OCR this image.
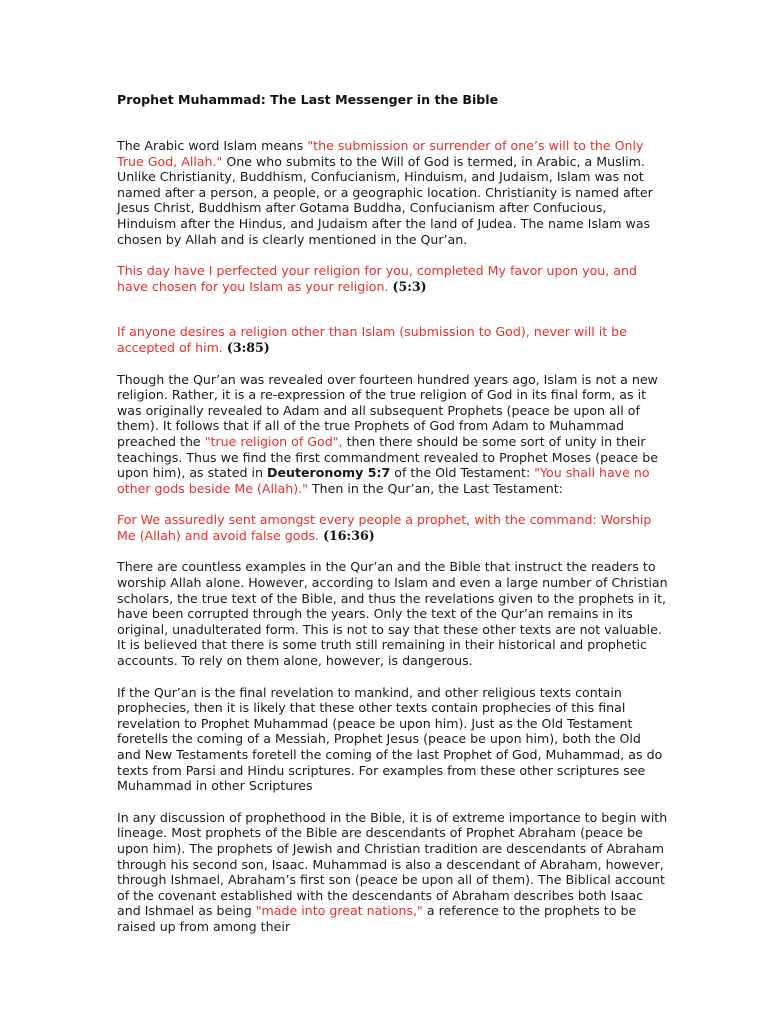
Prophet Muhammad: The Last Messenger in the Bible

The Arabic word Islam means "the submission or surrender of one’s will to the Only True God, Allah." One who submits to the Will of God is termed, in Arabic, a Muslim. Unlike Christianity, Buddhism, Confucianism, Hinduism, and Judaism, Islam was not named after a person, a people, or a geographic location. Christianity is named after Jesus Christ, Buddhism after Gotama Buddha, Confucianism after Confucious, Hinduism after the Hindus, and Judaism after the land of Judea. The name Islam was chosen by Allah and is clearly mentioned in the Qur’an.

This day have I perfected your religion for you, completed My favor upon you, and have chosen for you Islam as your religion. (5:3)

If anyone desires a religion other than Islam (submission to God), never will it be accepted of him. (3:85)

Though the Qur’an was revealed over fourteen hundred years ago, Islam is not a new religion. Rather, it is a re-expression of the true religion of God in its final form, as it was originally revealed to Adam and all subsequent Prophets (peace be upon all of them). It follows that if all of the true Prophets of God from Adam to Muhammad preached the "true religion of God", then there should be some sort of unity in their teachings. Thus we find the first commandment revealed to Prophet Moses (peace be upon him), as stated in Deuteronomy 5:7 of the Old Testament: "You shall have no other gods beside Me (Allah)." Then in the Qur’an, the Last Testament:

For We assuredly sent amongst every people a prophet, with the command: Worship Me (Allah) and avoid false gods. (16:36)

There are countless examples in the Qur’an and the Bible that instruct the readers to worship Allah alone. However, according to Islam and even a large number of Christian scholars, the true text of the Bible, and thus the revelations given to the prophets in it, have been corrupted through the years. Only the text of the Qur’an remains in its original, unadulterated form. This is not to say that these other texts are not valuable. It is believed that there is some truth still remaining in their historical and prophetic accounts. To rely on them alone, however, is dangerous.

If the Qur’an is the final revelation to mankind, and other religious texts contain prophecies, then it is likely that these other texts contain prophecies of this final revelation to Prophet Muhammad (peace be upon him). Just as the Old Testament foretells the coming of a Messiah, Prophet Jesus (peace be upon him), both the Old and New Testaments foretell the coming of the last Prophet of God, Muhammad, as do texts from Parsi and Hindu scriptures. For examples from these other scriptures see Muhammad in other Scriptures

In any discussion of prophethood in the Bible, it is of extreme importance to begin with lineage. Most prophets of the Bible are descendants of Prophet Abraham (peace be upon him). The prophets of Jewish and Christian tradition are descendants of Abraham through his second son, Isaac. Muhammad is also a descendant of Abraham, however, through Ishmael, Abraham’s first son (peace be upon all of them). The Biblical account of the covenant established with the descendants of Abraham describes both Isaac and Ishmael as being "made into great nations," a reference to the prophets to be raised up from among their
